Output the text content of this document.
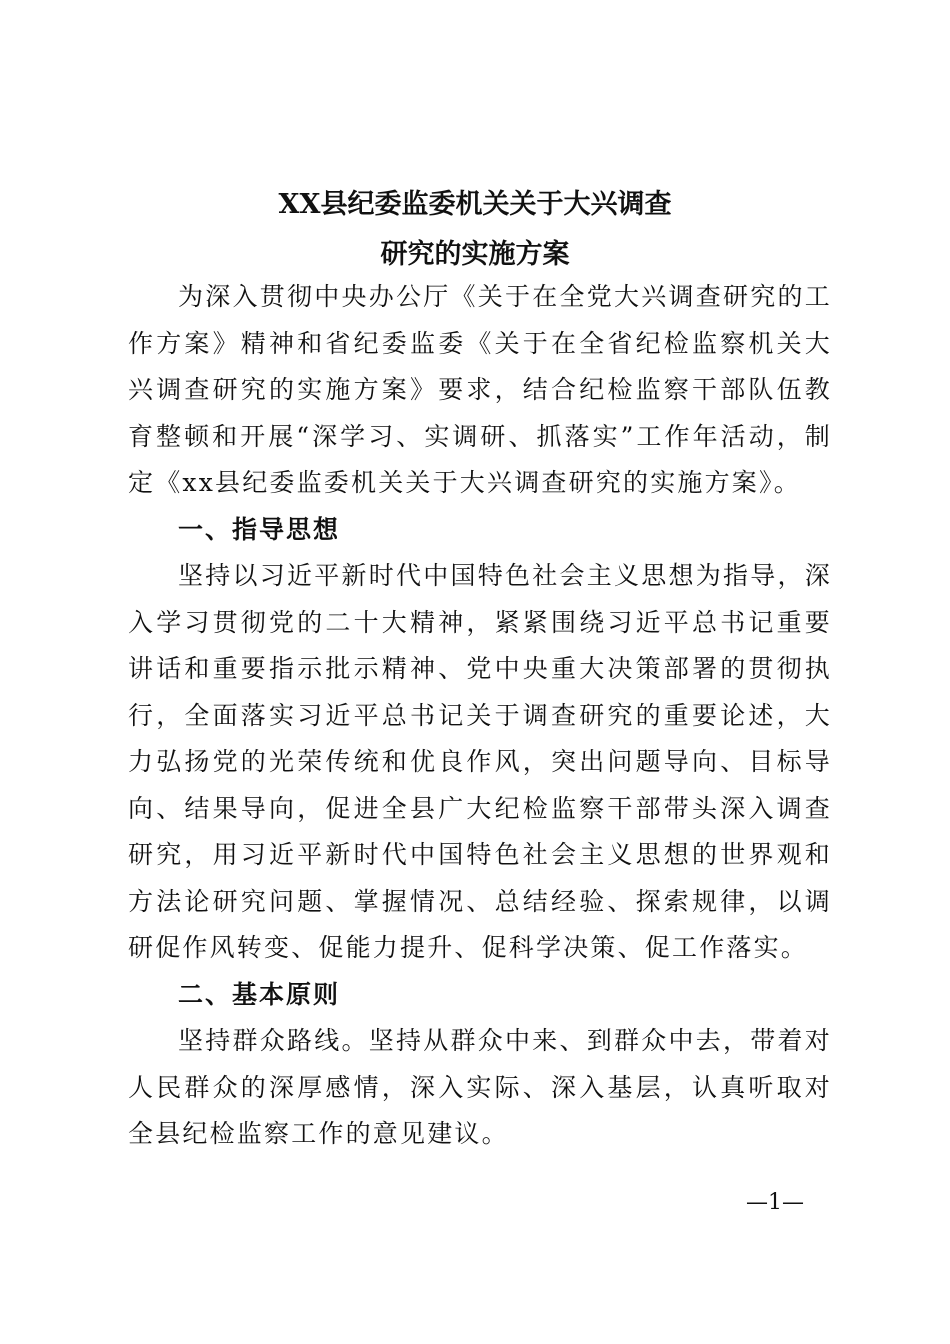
XX县纪委监委机关关于大兴调查
研究的实施方案

为深入贯彻中央办公厅《关于在全党大兴调查研究的工作方案》精神和省纪委监委《关于在全省纪检监察机关大兴调查研究的实施方案》要求，结合纪检监察干部队伍教育整顿和开展“深学习、实调研、抓落实”工作年活动，制定《xx县纪委监委机关关于大兴调查研究的实施方案》。

一、指导思想

坚持以习近平新时代中国特色社会主义思想为指导，深入学习贯彻党的二十大精神，紧紧围绕习近平总书记重要讲话和重要指示批示精神、党中央重大决策部署的贯彻执行，全面落实习近平总书记关于调查研究的重要论述，大力弘扬党的光荣传统和优良作风，突出问题导向、目标导向、结果导向，促进全县广大纪检监察干部带头深入调查研究，用习近平新时代中国特色社会主义思想的世界观和方法论研究问题、掌握情况、总结经验、探索规律，以调研促作风转变、促能力提升、促科学决策、促工作落实。

二、基本原则

坚持群众路线。坚持从群众中来、到群众中去，带着对人民群众的深厚感情，深入实际、深入基层，认真听取对全县纪检监察工作的意见建议。

—1—
